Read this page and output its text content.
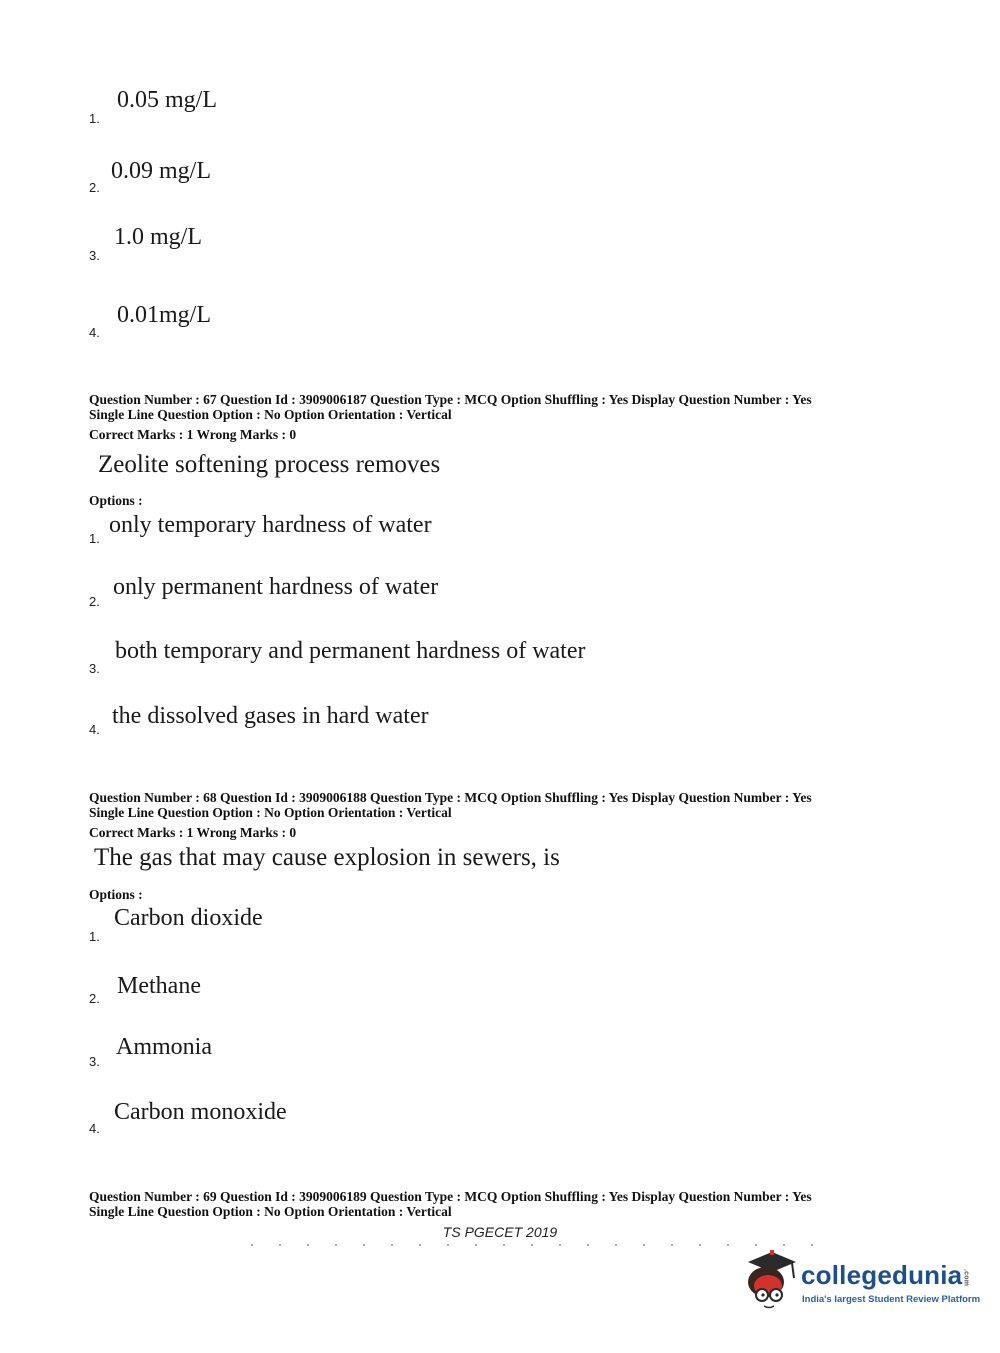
1.
0.05 mg/L
2.
0.09 mg/L
3.
1.0 mg/L
4.
0.01mg/L
Question Number : 67 Question Id : 3909006187 Question Type : MCQ Option Shuffling : Yes Display Question Number : Yes
Single Line Question Option : No Option Orientation : Vertical
Correct Marks : 1 Wrong Marks : 0
Zeolite softening process removes
Options :
1.
only temporary hardness of water
2.
only permanent hardness of water
3.
both temporary and permanent hardness of water
4.
the dissolved gases in hard water
Question Number : 68 Question Id : 3909006188 Question Type : MCQ Option Shuffling : Yes Display Question Number : Yes
Single Line Question Option : No Option Orientation : Vertical
Correct Marks : 1 Wrong Marks : 0
The gas that may cause explosion in sewers, is
Options :
1.
Carbon dioxide
2. Methane
3.
Ammonia
4.
Carbon monoxide
Question Number : 69 Question Id : 3909006189 Question Type : MCQ Option Shuffling : Yes Display Question Number : Yes
Single Line Question Option : No Option Orientation : Vertical
TS PGECET 2019
collegedunia.com
India's largest Student Review Platform
